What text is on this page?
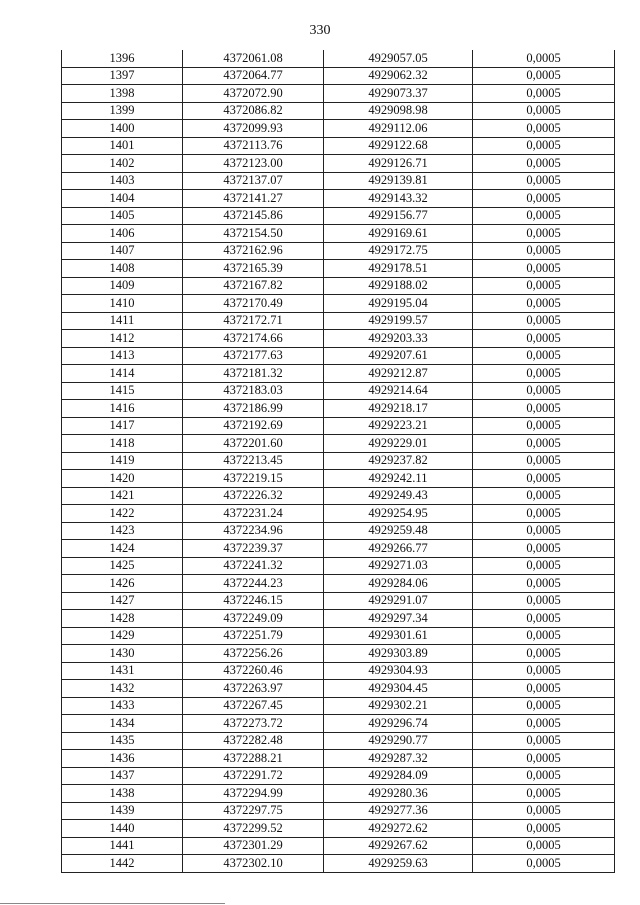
330
1396	4372061.08	4929057.05	0,0005
1397	4372064.77	4929062.32	0,0005
1398	4372072.90	4929073.37	0,0005
1399	4372086.82	4929098.98	0,0005
1400	4372099.93	4929112.06	0,0005
1401	4372113.76	4929122.68	0,0005
1402	4372123.00	4929126.71	0,0005
1403	4372137.07	4929139.81	0,0005
1404	4372141.27	4929143.32	0,0005
1405	4372145.86	4929156.77	0,0005
1406	4372154.50	4929169.61	0,0005
1407	4372162.96	4929172.75	0,0005
1408	4372165.39	4929178.51	0,0005
1409	4372167.82	4929188.02	0,0005
1410	4372170.49	4929195.04	0,0005
1411	4372172.71	4929199.57	0,0005
1412	4372174.66	4929203.33	0,0005
1413	4372177.63	4929207.61	0,0005
1414	4372181.32	4929212.87	0,0005
1415	4372183.03	4929214.64	0,0005
1416	4372186.99	4929218.17	0,0005
1417	4372192.69	4929223.21	0,0005
1418	4372201.60	4929229.01	0,0005
1419	4372213.45	4929237.82	0,0005
1420	4372219.15	4929242.11	0,0005
1421	4372226.32	4929249.43	0,0005
1422	4372231.24	4929254.95	0,0005
1423	4372234.96	4929259.48	0,0005
1424	4372239.37	4929266.77	0,0005
1425	4372241.32	4929271.03	0,0005
1426	4372244.23	4929284.06	0,0005
1427	4372246.15	4929291.07	0,0005
1428	4372249.09	4929297.34	0,0005
1429	4372251.79	4929301.61	0,0005
1430	4372256.26	4929303.89	0,0005
1431	4372260.46	4929304.93	0,0005
1432	4372263.97	4929304.45	0,0005
1433	4372267.45	4929302.21	0,0005
1434	4372273.72	4929296.74	0,0005
1435	4372282.48	4929290.77	0,0005
1436	4372288.21	4929287.32	0,0005
1437	4372291.72	4929284.09	0,0005
1438	4372294.99	4929280.36	0,0005
1439	4372297.75	4929277.36	0,0005
1440	4372299.52	4929272.62	0,0005
1441	4372301.29	4929267.62	0,0005
1442	4372302.10	4929259.63	0,0005
